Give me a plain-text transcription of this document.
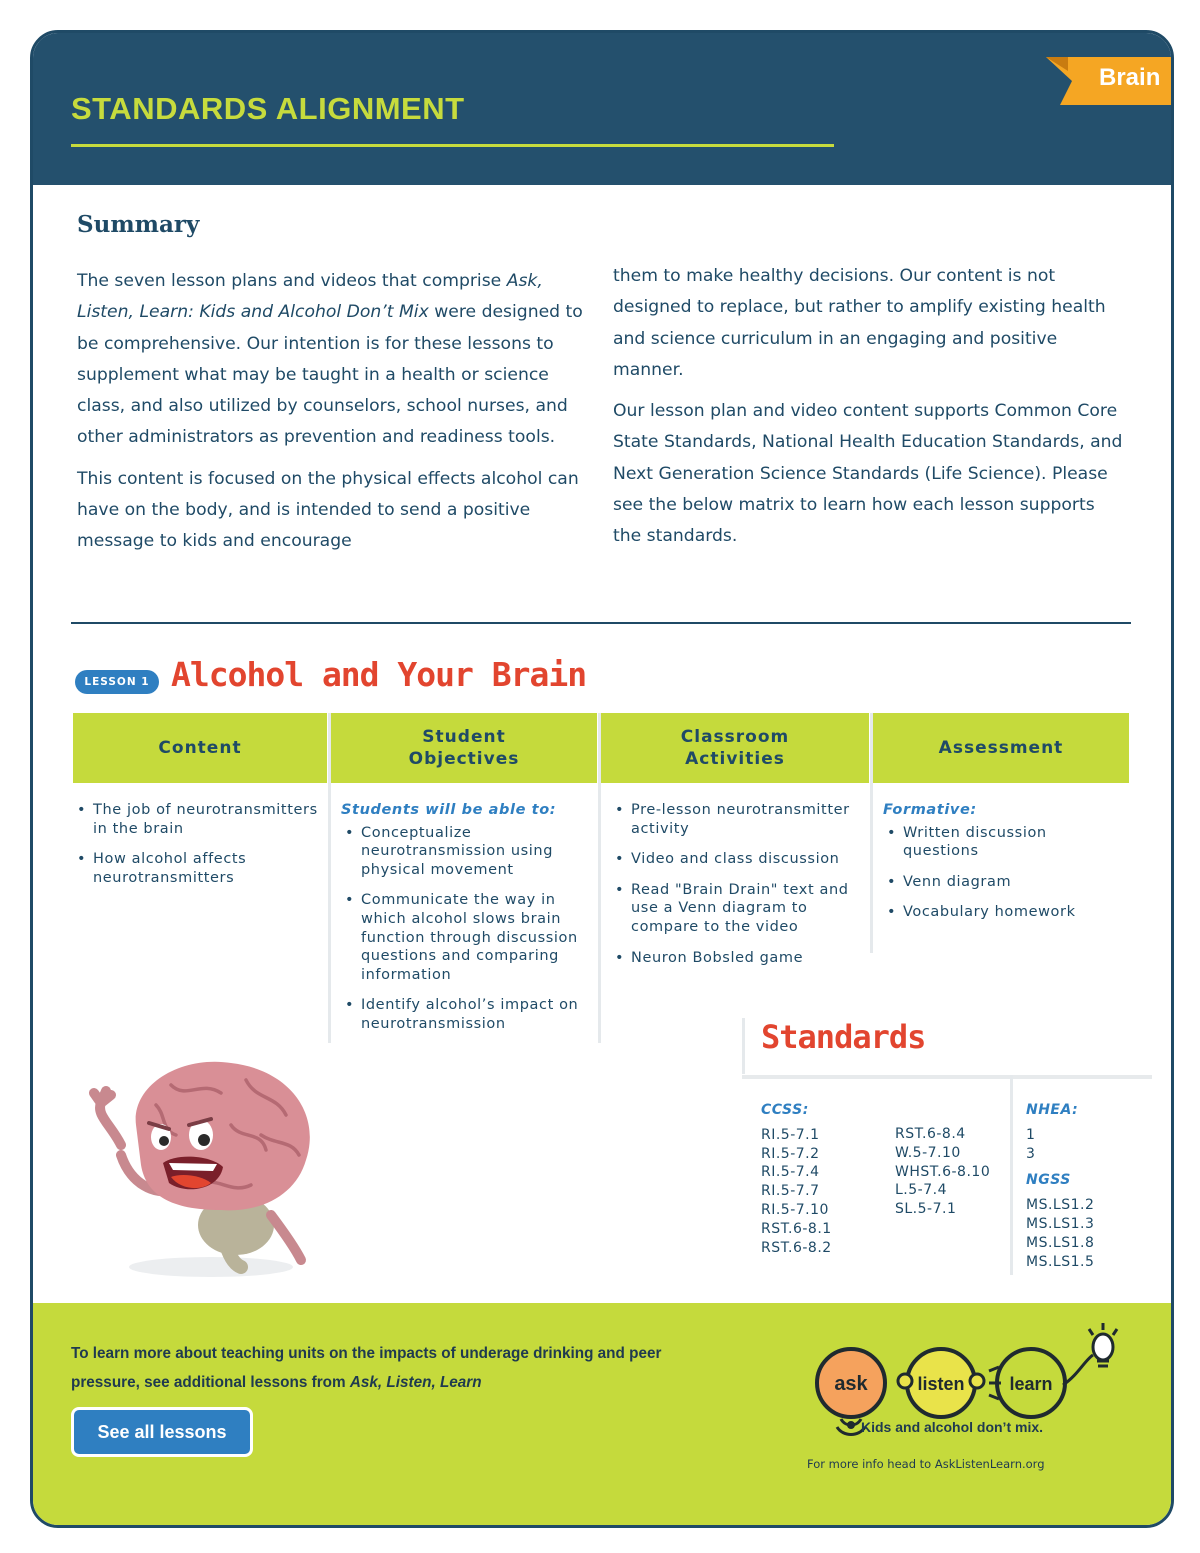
STANDARDS ALIGNMENT
Brain
Summary

The seven lesson plans and videos that comprise Ask, Listen, Learn: Kids and Alcohol Don’t Mix were designed to be comprehensive. Our intention is for these lessons to supplement what may be taught in a health or science class, and also utilized by counselors, school nurses, and other administrators as prevention and readiness tools.

This content is focused on the physical effects alcohol can have on the body, and is intended to send a positive message to kids and encourage

them to make healthy decisions. Our content is not designed to replace, but rather to amplify existing health and science curriculum in an engaging and positive manner.

Our lesson plan and video content supports Common Core State Standards, National Health Education Standards, and Next Generation Science Standards (Life Science). Please see the below matrix to learn how each lesson supports the standards.

LESSON 1 Alcohol and Your Brain
Content
Student Objectives
Classroom Activities
Assessment
• The job of neurotransmitters in the brain
• How alcohol affects neurotransmitters
Students will be able to:
• Conceptualize neurotransmission using physical movement
• Communicate the way in which alcohol slows brain function through discussion questions and comparing information
• Identify alcohol’s impact on neurotransmission
• Pre-lesson neurotransmitter activity
• Video and class discussion
• Read "Brain Drain" text and use a Venn diagram to compare to the video
• Neuron Bobsled game
Formative:
• Written discussion questions
• Venn diagram
• Vocabulary homework
Standards
CCSS:
RI.5-7.1
RI.5-7.2
RI.5-7.4
RI.5-7.7
RI.5-7.10
RST.6-8.1
RST.6-8.2
RST.6-8.4
W.5-7.10
WHST.6-8.10
L.5-7.4
SL.5-7.1
NHEA:
1
3
NGSS
MS.LS1.2
MS.LS1.3
MS.LS1.8
MS.LS1.5
To learn more about teaching units on the impacts of underage drinking and peer pressure, see additional lessons from Ask, Listen, Learn
See all lessons
ask	listen learn
Kids and alcohol don’t mix.
For more info head to AskListenLearn.org
